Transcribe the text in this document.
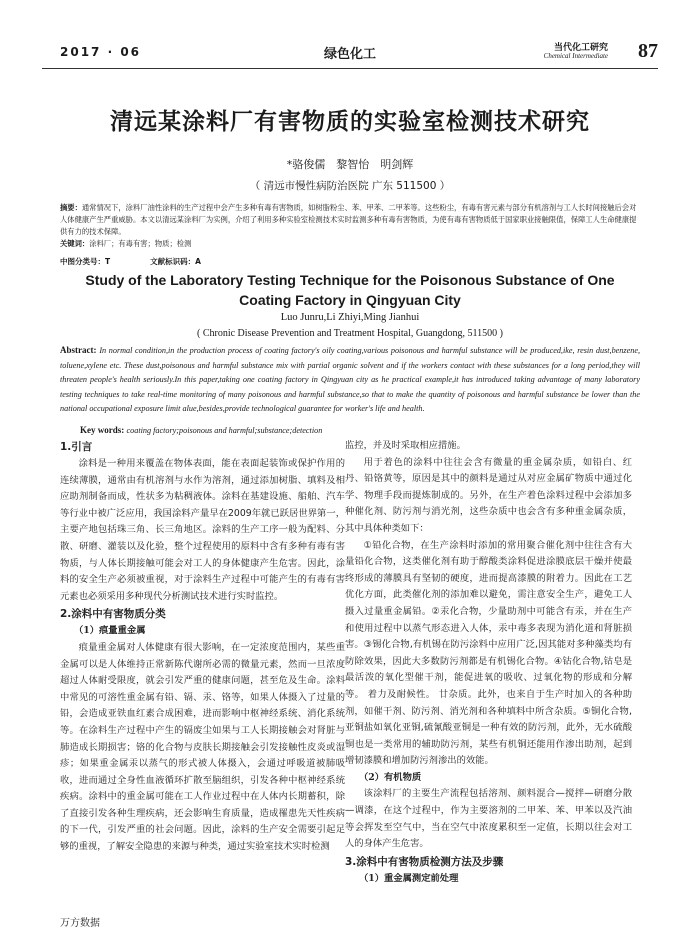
2017 · 06	绿色化工	当代化工研究
Chemical Intermediate 87
清远某涂料厂有害物质的实验室检测技术研究
*骆俊儒　黎智怡　明剑辉
（ 清远市慢性病防治医院 广东 511500 ）
摘要：通常情况下，涂料厂油性涂料的生产过程中会产生多种有毒有害物质，如树脂粉尘、苯、甲苯、二甲苯等。这些粉尘，有毒有害元素与部分有机溶剂与工人长时间接触后会对人体健康产生严重威胁。本文以清远某涂料厂为实例，介绍了利用多种实验室检测技术实时监测多种有毒有害物质，为使有毒有害物质低于国家职业接触限值，保障工人生命健康提供有力的技术保障。
关键词：涂料厂；有毒有害；物质；检测
中图分类号：T	文献标识码：A
Study of the Laboratory Testing Technique for the Poisonous Substance of One Coating Factory in Qingyuan City
Luo Junru,Li Zhiyi,Ming Jianhui
( Chronic Disease Prevention and Treatment Hospital, Guangdong, 511500 )
Abstract: In normal condition,in the production process of coating factory's oily coating,various poisonous and harmful substance will be produced,ike, resin dust,benzene, toluene,xylene etc. These dust,poisonous and harmful substance mix with partial organic solvent and if the workers contact with these substances for a long period,they will threaten people's health seriously.In this paper,taking one coating factory in Qingyuan city as he practical example,it has introduced taking advantage of many laboratory testing techniques to take real-time monitoring of many poisonous and harmful substance,so that to make the quantity of poisonous and harmful substance be lower than the national occupational exposure limit alue,besides,provide technological guarantee for worker's life and health.
Key words: coating factory;poisonous and harmful;substance;detection

1.引言

涂料是一种用来覆盖在物体表面，能在表面起装饰或保护作用的连续薄膜，通常由有机溶剂与水作为溶剂，通过添加树脂、填料及相应助剂制备而成，性状多为粘稠液体。涂料在基建设施、船舶、汽车等行业中被广泛应用，我国涂料产量早在2009年就已跃居世界第一，主要产地包括珠三角、长三角地区。涂料的生产工序一般为配料、分散、研磨、灌装以及化验，整个过程使用的原料中含有多种有毒有害物质，与人体长期接触可能会对工人的身体健康产生危害。因此，涂料的安全生产必须被重视，对于涂料生产过程中可能产生的有毒有害元素也必须采用多种现代分析测试技术进行实时监控。

2.涂料中有害物质分类

（1）痕量重金属

痕量重金属对人体健康有很大影响，在一定浓度范围内，某些重金属可以是人体维持正常新陈代谢所必需的微量元素，然而一旦浓度超过人体耐受限度，就会引发严重的健康问题，甚至危及生命。涂料中常见的可溶性重金属有铅、镉、汞、铬等，如果人体摄入了过量的铅，会造成亚铁血红素合成困难，进而影响中枢神经系统、消化系统等。在涂料生产过程中产生的镉废尘如果与工人长期接触会对肾脏与肺造成长期损害；铬的化合物与皮肤长期接触会引发接触性皮炎或湿疹；如果重金属汞以蒸气的形式被人体摄入，会通过呼吸道被肺吸收，进而通过全身性血液循环扩散至脑组织，引发各种中枢神经系统疾病。涂料中的重金属可能在工人作业过程中在人体内长期蓄积，除了直接引发各种生理疾病，还会影响生育质量，造成罹患先天性疾病的下一代，引发严重的社会问题。因此，涂料的生产安全需要引起足够的重视，了解安全隐患的来源与种类，通过实验室技术实时检测

监控，并及时采取相应措施。

用于着色的涂料中往往会含有微量的重金属杂质，如铅白、红丹、铅铬黄等，原因是其中的颜料是通过从对应金属矿物质中通过化学、物理手段而提炼制成的。另外，在生产着色涂料过程中会添加多种催化剂、防污剂与消光剂，这些杂质中也会含有多种重金属杂质，其中具体种类如下：

①铅化合物，在生产涂料时添加的常用聚合催化剂中往往含有大量铅化合物，这类催化剂有助于醇酸类涂料促进涂膜底层干燥并使最终形成的薄膜具有坚韧的硬度，进而提高漆膜的附着力。因此在工艺优化方面，此类催化剂的添加难以避免，需注意安全生产，避免工人摄入过量重金属铅。②汞化合物，少量助剂中可能含有汞，并在生产和使用过程中以蒸气形态进入人体，汞中毒多表现为消化道和肾脏损害。③锡化合物,有机锡在防污涂料中应用广泛,因其能对多种藻类均有防除效果，因此大多数防污剂都是有机锡化合物。④钴化合物,钴皂是最活泼的氧化型催干剂，能促进氧的吸收、过氧化物的形成和分解等。 着力及耐候性。 廿杂质。此外，也来自于生产时加入的各种助剂，如催干剂、防污剂、消光剂和各种填料中所含杂质。⑤铜化合物,亚铜盐如氧化亚铜,硫氰酸亚铜是一种有效的防污剂，此外，无水硫酸铜也是一类常用的辅助防污剂，某些有机铜还能用作渗出助剂，起到增韧漆膜和增加防污剂渗出的效能。

（2）有机物质

该涂料厂的主要生产流程包括溶剂、颜料混合—搅拌—研磨分散—调漆，在这个过程中，作为主要溶剂的二甲苯、苯、甲苯以及汽油等会挥发至空气中，当在空气中浓度累积至一定值，长期以往会对工人的身体产生危害。

3.涂料中有害物质检测方法及步骤

（1）重金属测定前处理

万方数据
